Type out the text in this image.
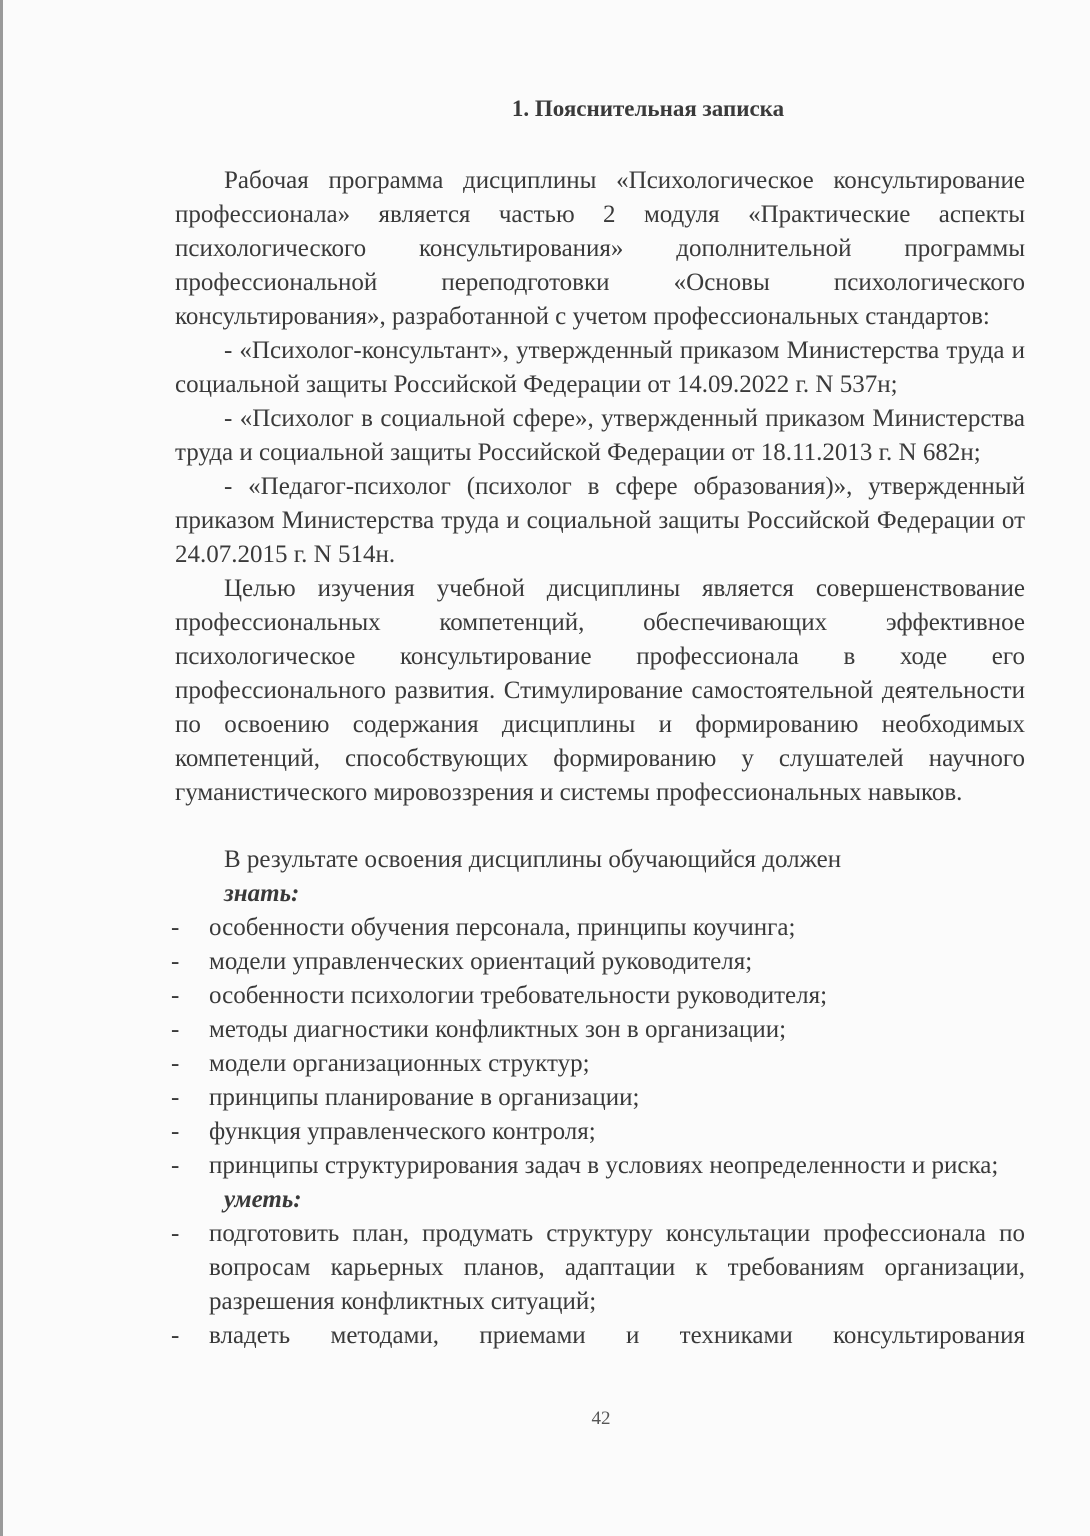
1. Пояснительная записка

Рабочая программа дисциплины «Психологическое консультирование профессионала» является частью 2 модуля «Практические аспекты психологического консультирования» дополнительной программы профессиональной переподготовки «Основы психологического консультирования», разработанной с учетом профессиональных стандартов:

- «Психолог-консультант», утвержденный приказом Министерства труда и социальной защиты Российской Федерации от 14.09.2022 г. N 537н;

- «Психолог в социальной сфере», утвержденный приказом Министерства труда и социальной защиты Российской Федерации от 18.11.2013 г. N 682н;

- «Педагог-психолог (психолог в сфере образования)», утвержденный приказом Министерства труда и социальной защиты Российской Федерации от 24.07.2015 г. N 514н.

Целью изучения учебной дисциплины является совершенствование профессиональных компетенций, обеспечивающих эффективное психологическое консультирование профессионала в ходе его профессионального развития. Стимулирование самостоятельной деятельности по освоению содержания дисциплины и формированию необходимых компетенций, способствующих формированию у слушателей научного гуманистического мировоззрения и системы профессиональных навыков.

В результате освоения дисциплины обучающийся должен

знать:

- особенности обучения персонала, принципы коучинга;
- модели управленческих ориентаций руководителя;
- особенности психологии требовательности руководителя;
- методы диагностики конфликтных зон в организации;
- модели организационных структур;
- принципы планирование в организации;
- функция управленческого контроля;
- принципы структурирования задач в условиях неопределенности и риска;

уметь:

- подготовить план, продумать структуру консультации профессионала по вопросам карьерных планов, адаптации к требованиям организации, разрешения конфликтных ситуаций;
- владеть методами, приемами и техниками консультирования
42
